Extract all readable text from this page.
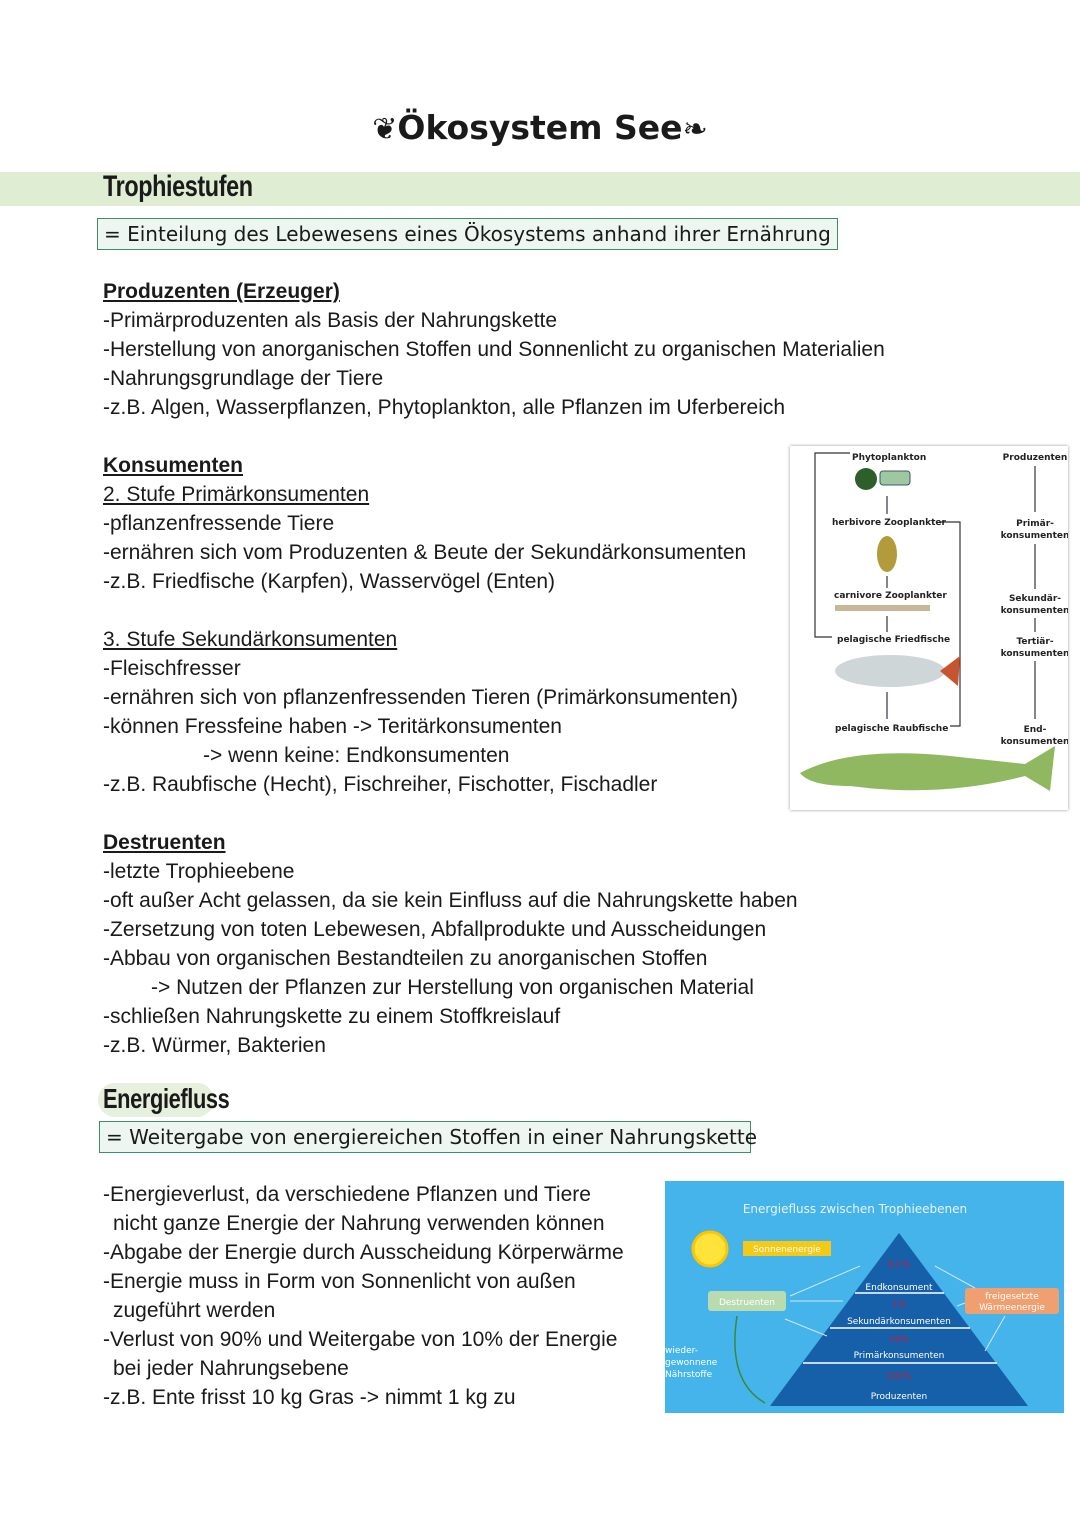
❦Ökosystem See❧
Trophiestufen
= Einteilung des Lebewesens eines Ökosystems anhand ihrer Ernährung
Produzenten (Erzeuger)
-Primärproduzenten als Basis der Nahrungskette
-Herstellung von anorganischen Stoffen und Sonnenlicht zu organischen Materialien
-Nahrungsgrundlage der Tiere
-z.B. Algen, Wasserpflanzen, Phytoplankton, alle Pflanzen im Uferbereich
Konsumenten
2. Stufe Primärkonsumenten
-pflanzenfressende Tiere
-ernähren sich vom Produzenten & Beute der Sekundärkonsumenten
-z.B. Friedfische (Karpfen), Wasservögel (Enten)
3. Stufe Sekundärkonsumenten
-Fleischfresser
-ernähren sich von pflanzenfressenden Tieren (Primärkonsumenten)
-können Fressfeine haben -> Teritärkonsumenten
-> wenn keine: Endkonsumenten
-z.B. Raubfische (Hecht), Fischreiher, Fischotter, Fischadler
Destruenten
-letzte Trophieebene
-oft außer Acht gelassen, da sie kein Einfluss auf die Nahrungskette haben
-Zersetzung von toten Lebewesen, Abfallprodukte und Ausscheidungen
-Abbau von organischen Bestandteilen zu anorganischen Stoffen
-> Nutzen der Pflanzen zur Herstellung von organischen Material
-schließen Nahrungskette zu einem Stoffkreislauf
-z.B. Würmer, Bakterien
Phytoplankton
herbivore Zooplankter
carnivore Zooplankter
pelagische Friedfische
pelagische Raubfische
Produzenten
Primär-
konsumenten
Sekundär-
konsumenten
Tertiär-
konsumenten
End-
konsumenten
Energiefluss
= Weitergabe von energiereichen Stoffen in einer Nahrungskette
-Energieverlust, da verschiedene Pflanzen und Tiere
nicht ganze Energie der Nahrung verwenden können
-Abgabe der Energie durch Ausscheidung Körperwärme
-Energie muss in Form von Sonnenlicht von außen
zugeführt werden
-Verlust von 90% und Weitergabe von 10% der Energie
bei jeder Nahrungsebene
-z.B. Ente frisst 10 kg Gras -> nimmt 1 kg zu
Energiefluss zwischen Trophieebenen
Sonnenenergie
0,1%
Endkonsument
1%
Sekundärkonsumenten
10%
Primärkonsumenten
100%
Produzenten
Destruenten
freigesetzte
Wärmeenergie
wieder-
gewonnene
Nährstoffe
